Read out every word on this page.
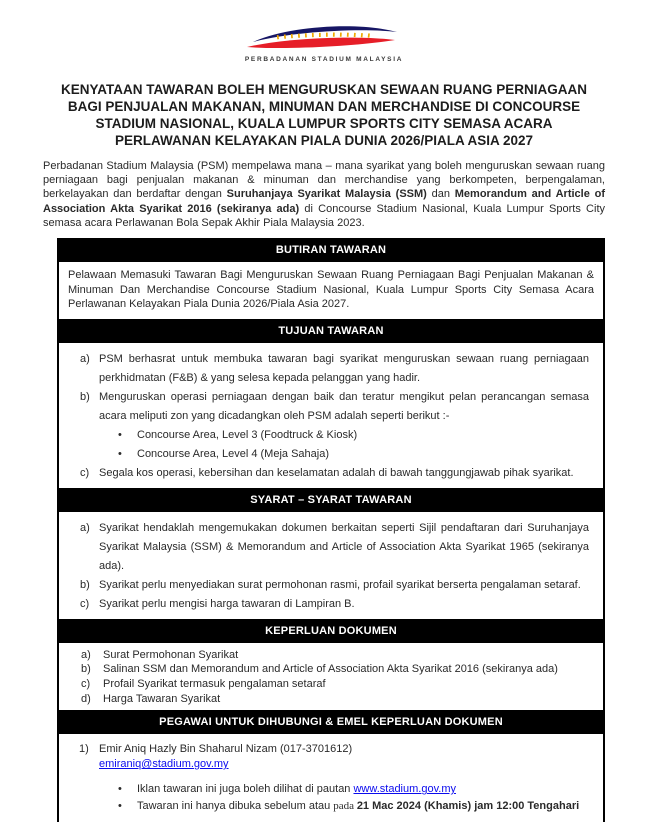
PERBADANAN STADIUM MALAYSIA
KENYATAAN TAWARAN BOLEH MENGURUSKAN SEWAAN RUANG PERNIAGAAN BAGI PENJUALAN MAKANAN, MINUMAN DAN MERCHANDISE DI CONCOURSE STADIUM NASIONAL, KUALA LUMPUR SPORTS CITY SEMASA ACARA PERLAWANAN KELAYAKAN PIALA DUNIA 2026/PIALA ASIA 2027

Perbadanan Stadium Malaysia (PSM) mempelawa mana – mana syarikat yang boleh menguruskan sewaan ruang perniagaan bagi penjualan makanan & minuman dan merchandise yang berkompeten, berpengalaman, berkelayakan dan berdaftar dengan Suruhanjaya Syarikat Malaysia (SSM) dan Memorandum and Article of Association Akta Syarikat 2016 (sekiranya ada) di Concourse Stadium Nasional, Kuala Lumpur Sports City semasa acara Perlawanan Bola Sepak Akhir Piala Malaysia 2023.

BUTIRAN TAWARAN
Pelawaan Memasuki Tawaran Bagi Menguruskan Sewaan Ruang Perniagaan Bagi Penjualan Makanan & Minuman Dan Merchandise Concourse Stadium Nasional, Kuala Lumpur Sports City Semasa Acara Perlawanan Kelayakan Piala Dunia 2026/Piala Asia 2027.
TUJUAN TAWARAN
a) PSM berhasrat untuk membuka tawaran bagi syarikat menguruskan sewaan ruang perniagaan perkhidmatan (F&B) & yang selesa kepada pelanggan yang hadir.
b) Menguruskan operasi perniagaan dengan baik dan teratur mengikut pelan perancangan semasa acara meliputi zon yang dicadangkan oleh PSM adalah seperti berikut :-
• Concourse Area, Level 3 (Foodtruck & Kiosk)
• Concourse Area, Level 4 (Meja Sahaja)
c) Segala kos operasi, kebersihan dan keselamatan adalah di bawah tanggungjawab pihak syarikat.
SYARAT – SYARAT TAWARAN
a) Syarikat hendaklah mengemukakan dokumen berkaitan seperti Sijil pendaftaran dari Suruhanjaya Syarikat Malaysia (SSM) & Memorandum and Article of Association Akta Syarikat 1965 (sekiranya ada).
b) Syarikat perlu menyediakan surat permohonan rasmi, profail syarikat berserta pengalaman setaraf.
c) Syarikat perlu mengisi harga tawaran di Lampiran B.
KEPERLUAN DOKUMEN
a) Surat Permohonan Syarikat
b) Salinan SSM dan Memorandum and Article of Association Akta Syarikat 2016 (sekiranya ada)
c) Profail Syarikat termasuk pengalaman setaraf
d) Harga Tawaran Syarikat
PEGAWAI UNTUK DIHUBUNGI & EMEL KEPERLUAN DOKUMEN
1) Emir Aniq Hazly Bin Shaharul Nizam (017-3701612)
emiraniq@stadium.gov.my
• Iklan tawaran ini juga boleh dilihat di pautan www.stadium.gov.my
• Tawaran ini hanya dibuka sebelum atau pada 21 Mac 2024 (Khamis) jam 12:00 Tengahari
